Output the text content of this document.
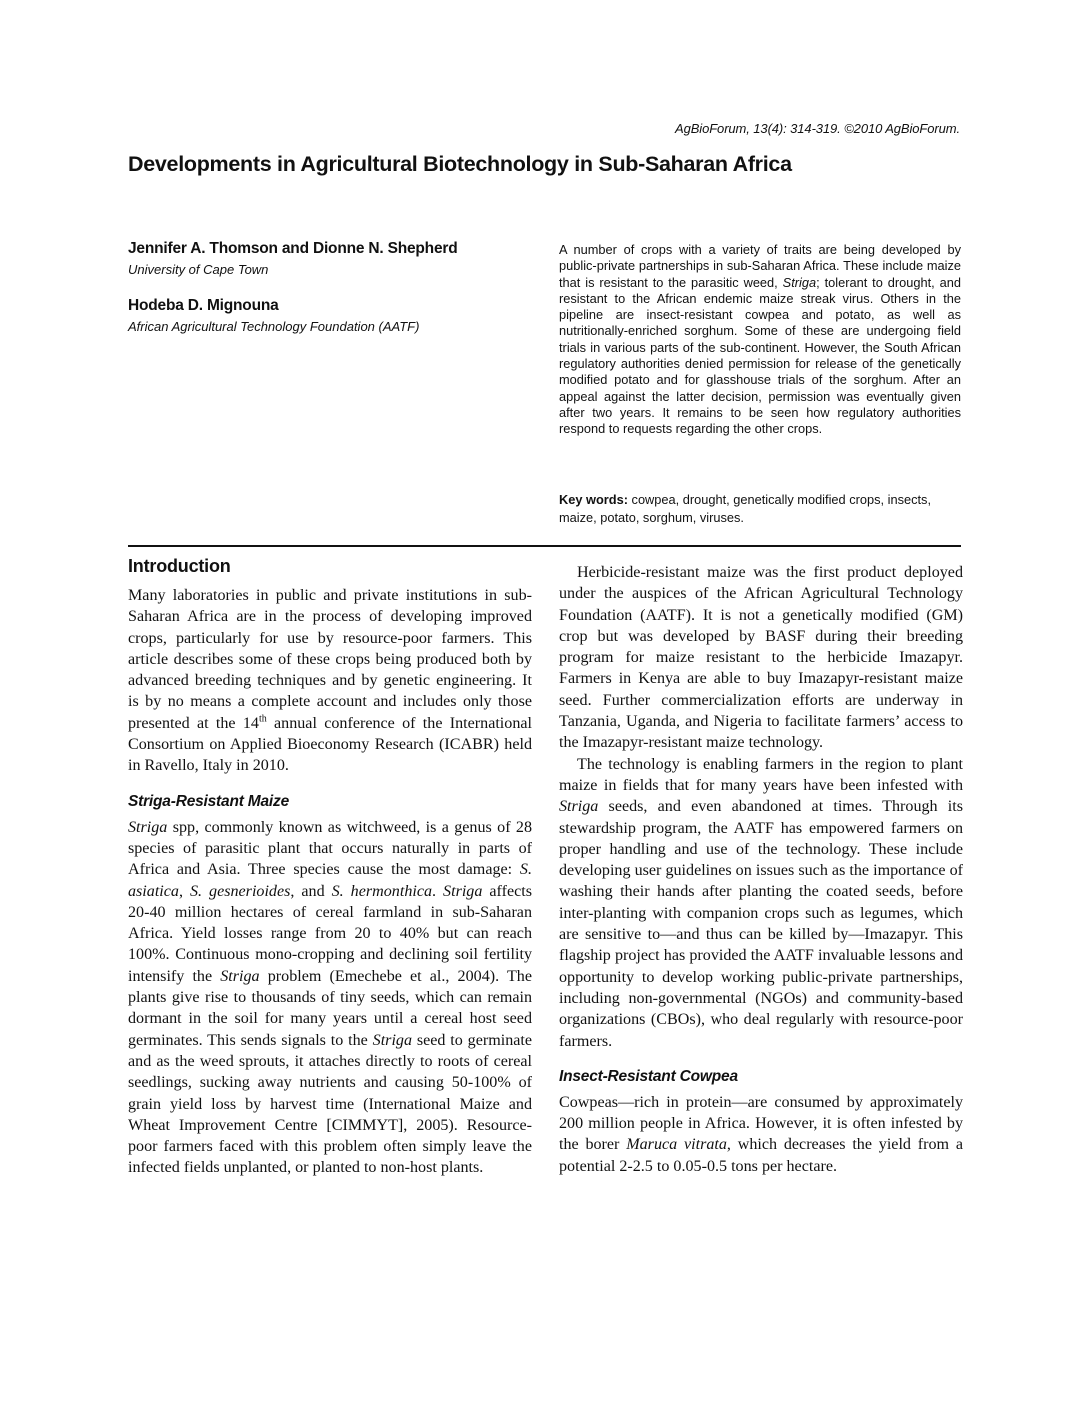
AgBioForum, 13(4): 314-319. ©2010 AgBioForum.
Developments in Agricultural Biotechnology in Sub-Saharan Africa
Jennifer A. Thomson and Dionne N. Shepherd
University of Cape Town
Hodeba D. Mignouna
African Agricultural Technology Foundation (AATF)

A number of crops with a variety of traits are being developed by public-private partnerships in sub-Saharan Africa. These include maize that is resistant to the parasitic weed, Striga; tolerant to drought, and resistant to the African endemic maize streak virus. Others in the pipeline are insect-resistant cowpea and potato, as well as nutritionally-enriched sorghum. Some of these are undergoing field trials in various parts of the sub-continent. However, the South African regulatory authorities denied permission for release of the genetically modified potato and for glasshouse trials of the sorghum. After an appeal against the latter decision, permission was eventually given after two years. It remains to be seen how regulatory authorities respond to requests regarding the other crops.

Key words: cowpea, drought, genetically modified crops, insects, maize, potato, sorghum, viruses.

Introduction

Many laboratories in public and private institutions in sub-Saharan Africa are in the process of developing improved crops, particularly for use by resource-poor farmers. This article describes some of these crops being produced both by advanced breeding techniques and by genetic engineering. It is by no means a complete account and includes only those presented at the 14th annual conference of the International Consortium on Applied Bioeconomy Research (ICABR) held in Ravello, Italy in 2010.

Striga-Resistant Maize

Striga spp, commonly known as witchweed, is a genus of 28 species of parasitic plant that occurs naturally in parts of Africa and Asia. Three species cause the most damage: S. asiatica, S. gesnerioides, and S. hermonthica. Striga affects 20-40 million hectares of cereal farmland in sub-Saharan Africa. Yield losses range from 20 to 40% but can reach 100%. Continuous mono-cropping and declining soil fertility intensify the Striga problem (Emechebe et al., 2004). The plants give rise to thousands of tiny seeds, which can remain dormant in the soil for many years until a cereal host seed germinates. This sends signals to the Striga seed to germinate and as the weed sprouts, it attaches directly to roots of cereal seedlings, sucking away nutrients and causing 50-100% of grain yield loss by harvest time (International Maize and Wheat Improvement Centre [CIMMYT], 2005). Resource-poor farmers faced with this problem often simply leave the infected fields unplanted, or planted to non-host plants.

Herbicide-resistant maize was the first product deployed under the auspices of the African Agricultural Technology Foundation (AATF). It is not a genetically modified (GM) crop but was developed by BASF during their breeding program for maize resistant to the herbicide Imazapyr. Farmers in Kenya are able to buy Imazapyr-resistant maize seed. Further commercialization efforts are underway in Tanzania, Uganda, and Nigeria to facilitate farmers’ access to the Imazapyr-resistant maize technology.

The technology is enabling farmers in the region to plant maize in fields that for many years have been infested with Striga seeds, and even abandoned at times. Through its stewardship program, the AATF has empowered farmers on proper handling and use of the technology. These include developing user guidelines on issues such as the importance of washing their hands after planting the coated seeds, before inter-planting with companion crops such as legumes, which are sensitive to—and thus can be killed by—Imazapyr. This flagship project has provided the AATF invaluable lessons and opportunity to develop working public-private partnerships, including non-governmental (NGOs) and community-based organizations (CBOs), who deal regularly with resource-poor farmers.

Insect-Resistant Cowpea

Cowpeas—rich in protein—are consumed by approximately 200 million people in Africa. However, it is often infested by the borer Maruca vitrata, which decreases the yield from a potential 2-2.5 to 0.05-0.5 tons per hectare.
